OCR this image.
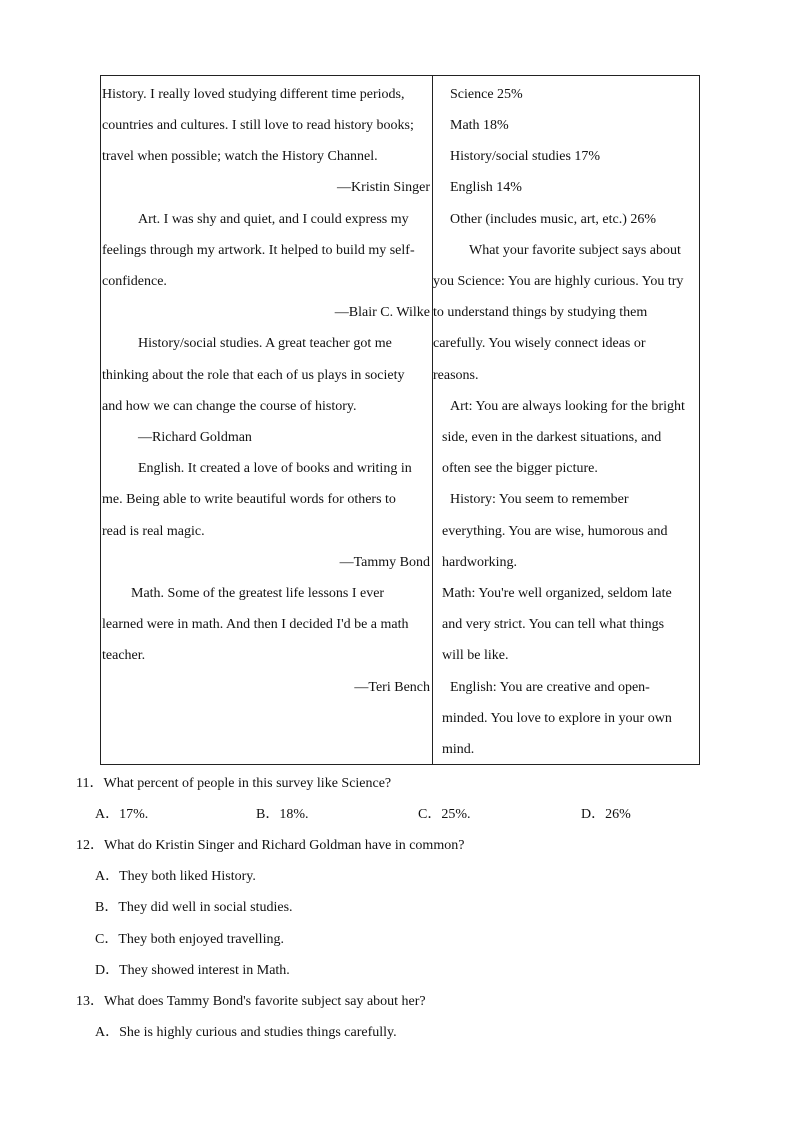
History. I really loved studying different time periods,
countries and cultures. I still love to read history books;
travel when possible; watch the History Channel.
—Kristin Singer
Art. I was shy and quiet, and I could express my
feelings through my artwork. It helped to build my self-
confidence.
—Blair C. Wilke
History/social studies. A great teacher got me
thinking about the role that each of us plays in society
and how we can change the course of history.
—Richard Goldman
English. It created a love of books and writing in
me. Being able to write beautiful words for others to
read is real magic.
—Tammy Bond
Math. Some of the greatest life lessons I ever
learned were in math. And then I decided I'd be a math
teacher.
—Teri Bench
Science 25%
Math 18%
History/social studies 17%
English 14%
Other (includes music, art, etc.) 26%
What your favorite subject says about
you Science: You are highly curious. You try
to understand things by studying them
carefully. You wisely connect ideas or
reasons.
Art: You are always looking for the bright
side, even in the darkest situations, and
often see the bigger picture.
History: You seem to remember
everything. You are wise, humorous and
hardworking.
Math: You're well organized, seldom late
and very strict. You can tell what things
will be like.
English: You are creative and open-
minded. You love to explore in your own
mind.
11．What percent of people in this survey like Science?
A．17%.	B．18%.	C．25%.	D．26%
12．What do Kristin Singer and Richard Goldman have in common?
A．They both liked History.
B．They did well in social studies.
C．They both enjoyed travelling.
D．They showed interest in Math.
13．What does Tammy Bond's favorite subject say about her?
A．She is highly curious and studies things carefully.
